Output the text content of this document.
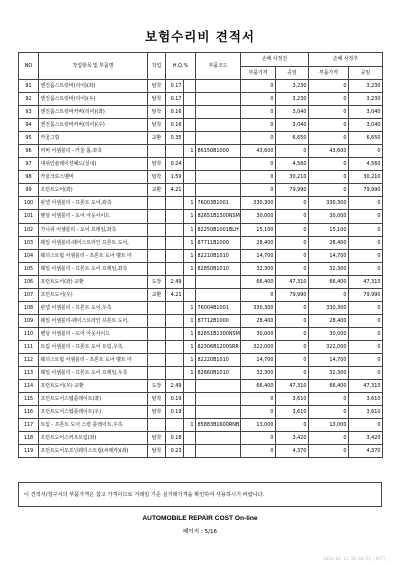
보험수리비 견적서
NO	작업항목 및 부품명	작업	H.Q,%		부품코드	손해 사정전		손해 사정후	
						부품가격	공임	부품가격	공임
91	엔진룸스트럿바(리어)(좌)	탈착	0.17			0	3,230	0	3,230
92	엔진룸스트럿바(리어)(우)	탈착	0.17			0	3,230	0	3,230
93	엔진룸스트럿바커버(리어)(좌)	탈착	0.16			0	3,040	0	3,040
94	엔진룸스트럿바커버(리어)(우)	탈착	0.16			0	3,040	0	3,040
95	카울그릴	교환	0.35			0	6,650	0	6,650
96	커버 어셈블리 - 카울 톱,좌측			1	86150B1000	43,600	0	43,600	0
97	대쉬인슐레이션패드(실내)	탈착	0.24			0	4,560	0	4,560
98	카울크로스멤버	탈착	1.59			0	30,210	0	30,210
99	프런트도어(좌)	교환	4.21			0	79,990	0	79,990
100	판넬 어셈블리 - 프론트 도어,좌측			1	76003B1001	330,300	0	330,300	0
101	벤딩 어셈블리 - 도어 아웃사이드			1	82651B1300NSM	30,000	0	30,000	0
102	가니쉬 어셈블리 - 도어 프레임,좌측			1	82250B1001BLH	15,100	0	15,100	0
103	웨일 어셈블리-웨이스트라인 프론트 도어,			1	87711B1000	28,400	0	28,400	0
104	웨더스트립 어셈블리 - 프론트 도어 벨트 아			1	82210B1010	14,700	0	14,700	0
105	웨일 어셈블리 - 프론트 도어 프레임,좌측			1	82850B1010	32,300	0	32,300	0
106	프런트도어(좌) 교환	도장	2.49			66,400	47,310	66,400	47,310
107	프런트도어(우)	교환	4.21			0	79,990	0	79,990
108	판넬 어셈블리 - 프론트 도어,우측			1	76004B1001	330,300	0	330,300	0
109	웨일 어셈블리-웨이스트라인 프론트 도어,			1	87712B1000	28,400	0	28,400	0
110	벤딩 어셈블리 - 도어 아웃사이드			1	82651B1300NSM	30,000	0	30,000	0
111	트림 어셈블리 - 프론트 도어 트림,우측			1	82306B1200SRR	322,000	0	322,000	0
112	웨더스트립 어셈블리 - 프론트 도어 벨트 아			1	82220B1010	14,700	0	14,700	0
113	웨일 어셈블리 - 프론트 도어 프레임,우측			1	82860B1010	32,300	0	32,300	0
114	프런트도어(우) 교환	도장	2.49			66,400	47,310	66,400	47,310
115	프런트도어스텝플레이트(좌)	탈착	0.19			0	3,610	0	3,610
116	프런트도어스텝플레이트(우)	탈착	0.19			0	3,610	0	3,610
117	트림 - 프론트 도어 스컬 플레이트,우측			1	85883B1600RNB	13,000	0	13,000	0
118	프런트도어스커프트림(좌)	탈착	0.18			0	3,420	0	3,420
119	프런트도어오프닝웨더스트립(씨레카)(좌)	탈착	0.23			0	4,370	0	4,370
이 견적서/청구서의 부품가격은 참고 가격이므로 거래일 기준 실거래가격을 확인하여 사용하시기 바랍니다.
AUTOMOBILE REPAIR COST On-line
페이지 : 5/16
2024-03-11 10:40:52 (KST)
